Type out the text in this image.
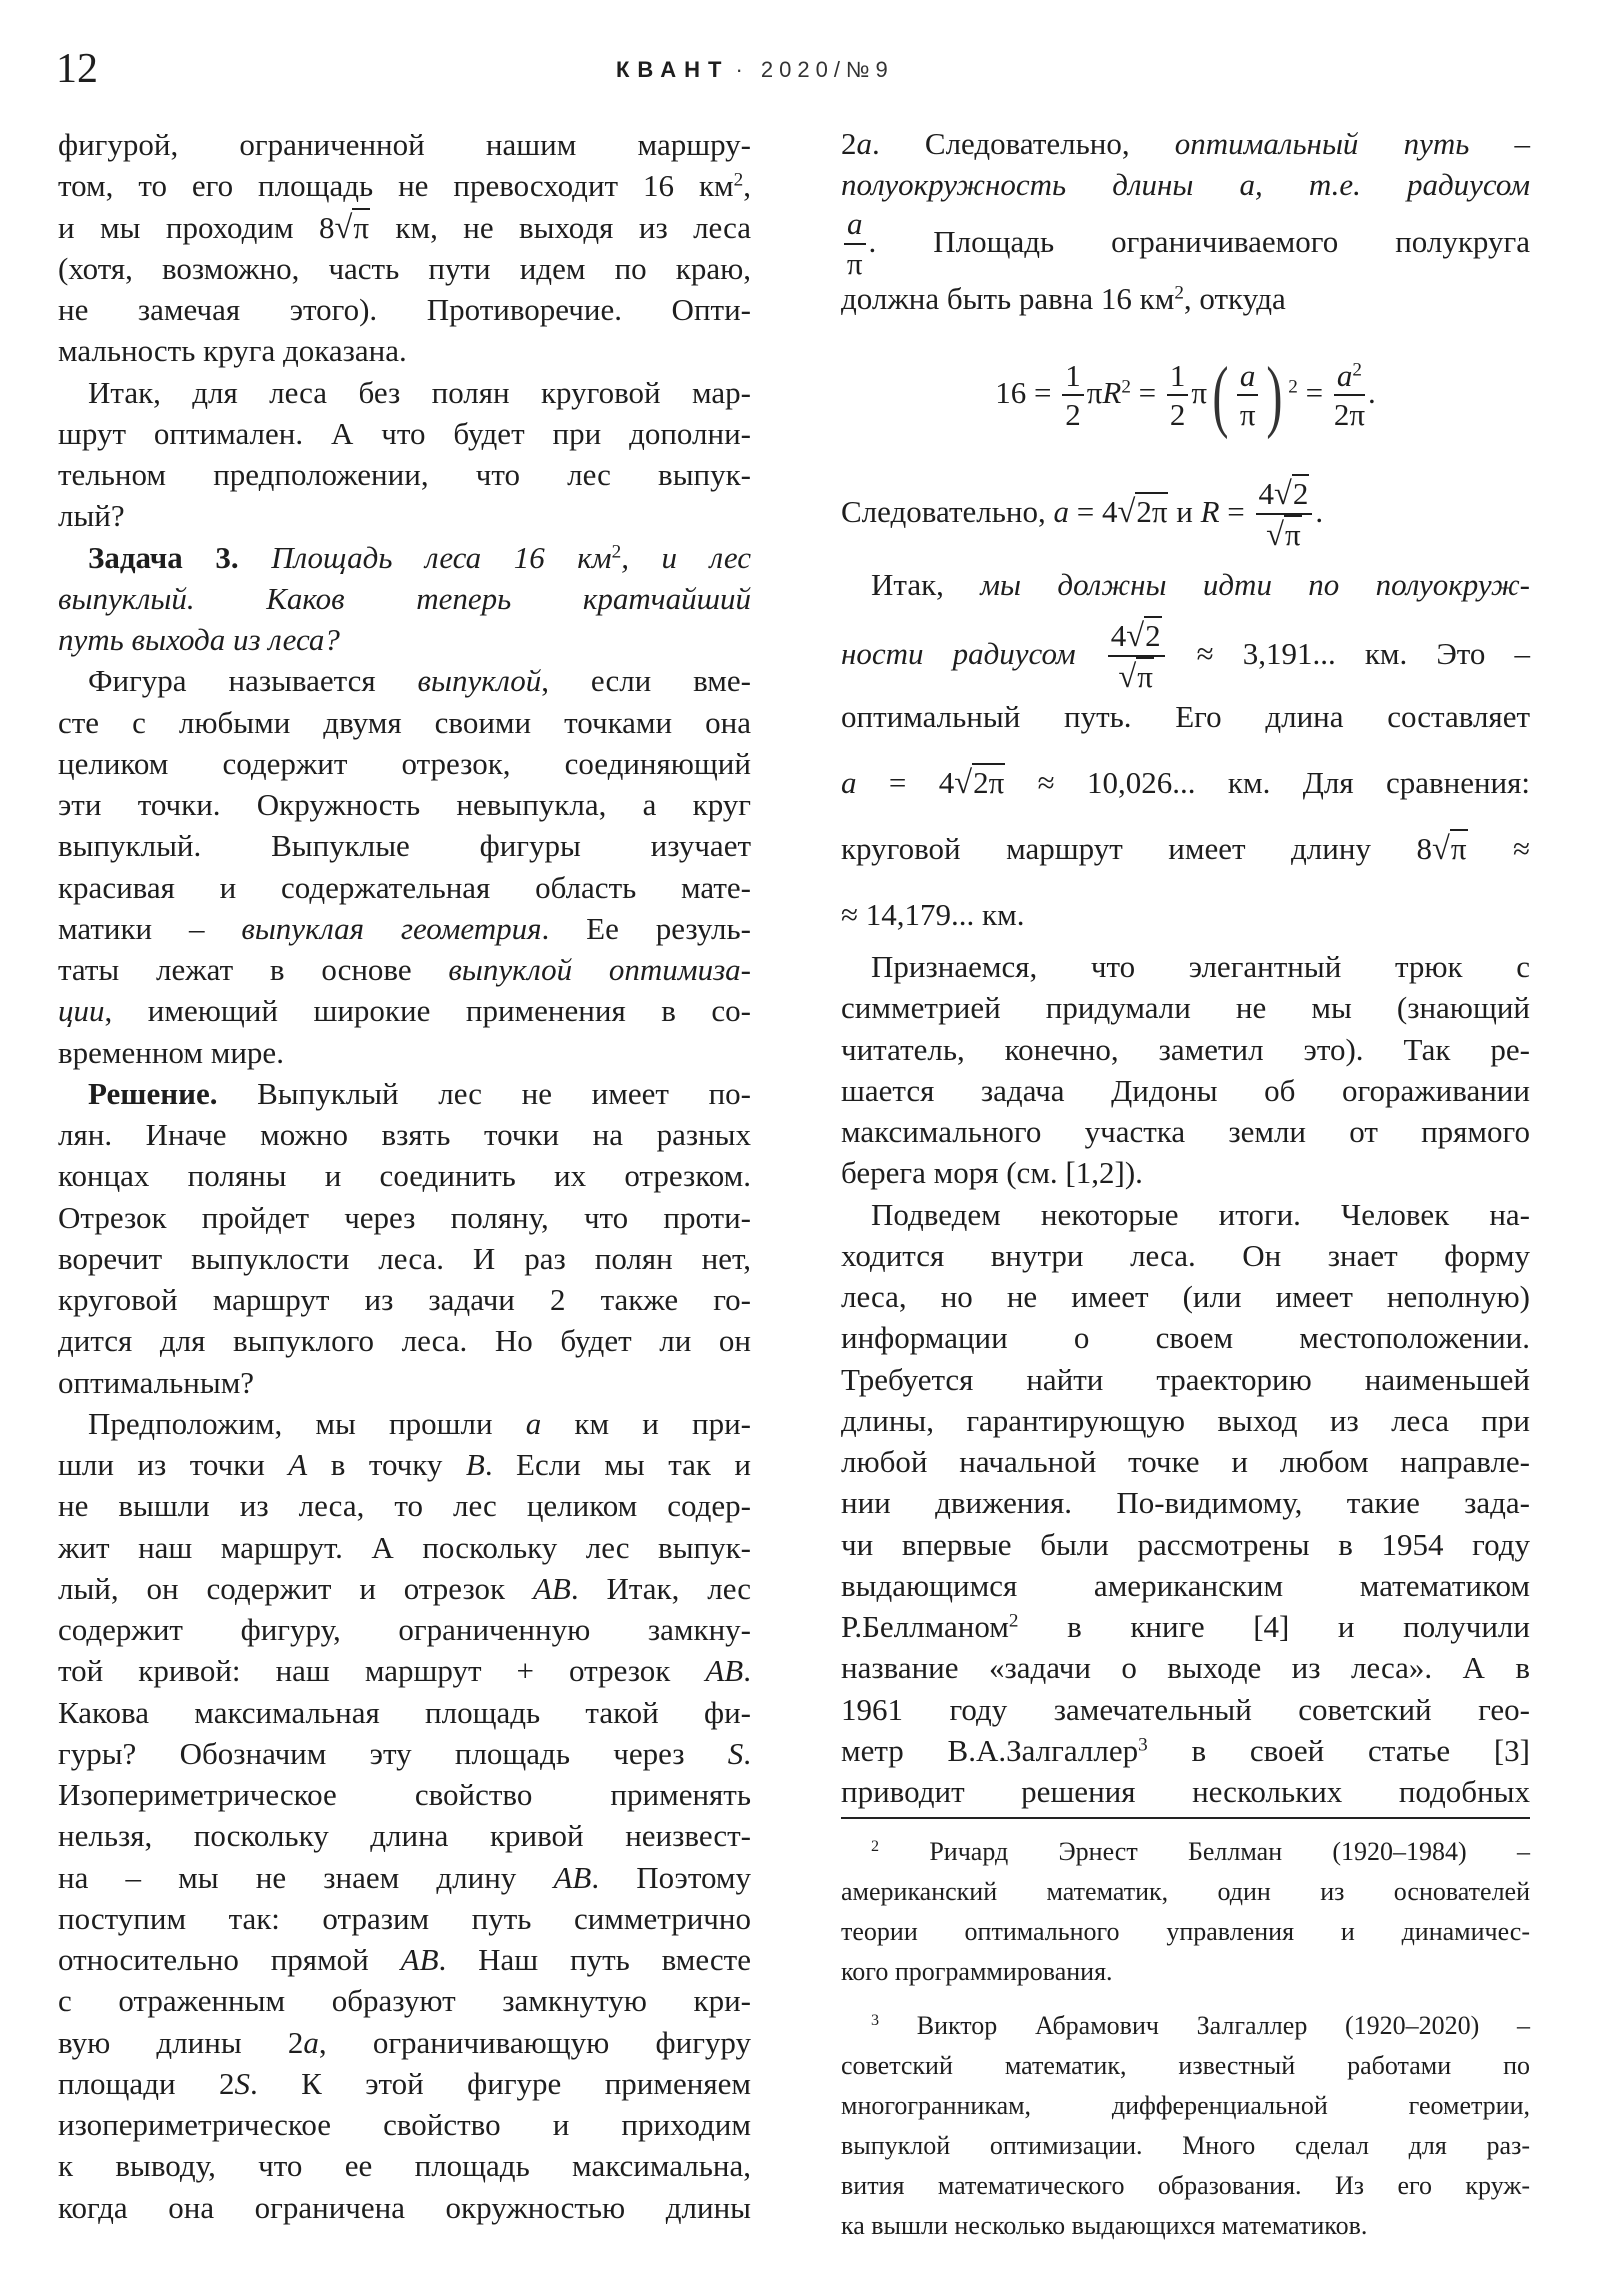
12	КВАНТ · 2020/№9
фигурой, ограниченной нашим маршру-
том, то его площадь не превосходит 16 $км^2$,
и мы проходим 8√π км, не выходя из леса
(хотя, возможно, часть пути идем по краю,
не замечая этого). Противоречие. Опти-
мальность круга доказана.
Итак, для леса без полян круговой мар-
шрут оптимален. А что будет при дополни-
тельном предположении, что лес выпук-
лый?
Задача 3. Площадь леса 16 $км^2$, и лес
выпуклый. Каков теперь кратчайший
путь выхода из леса?
Фигура называется выпуклой, если вме-
сте с любыми двумя своими точками она
целиком содержит отрезок, соединяющий
эти точки. Окружность невыпукла, а круг
выпуклый. Выпуклые фигуры изучает
красивая и содержательная область мате-
матики – выпуклая геометрия. Ее резуль-
таты лежат в основе выпуклой оптимиза-
ции, имеющий широкие применения в со-
временном мире.
Решение. Выпуклый лес не имеет по-
лян. Иначе можно взять точки на разных
концах поляны и соединить их отрезком.
Отрезок пройдет через поляну, что проти-
воречит выпуклости леса. И раз полян нет,
круговой маршрут из задачи 2 также го-
дится для выпуклого леса. Но будет ли он
оптимальным?
Предположим, мы прошли a км и при-
шли из точки A в точку B. Если мы так и
не вышли из леса, то лес целиком содер-
жит наш маршрут. А поскольку лес выпук-
лый, он содержит и отрезок AB. Итак, лес
содержит фигуру, ограниченную замкну-
той кривой: наш маршрут + отрезок AB.
Какова максимальная площадь такой фи-
гуры? Обозначим эту площадь через S.
Изопериметрическое свойство применять
нельзя, поскольку длина кривой неизвест-
на – мы не знаем длину AB. Поэтому
поступим так: отразим путь симметрично
относительно прямой AB. Наш путь вместе
с отраженным образуют замкнутую кри-
вую длины 2a, ограничивающую фигуру
площади 2S. К этой фигуре применяем
изопериметрическое свойство и приходим
к выводу, что ее площадь максимальна,
когда она ограничена окружностью длины
2a. Следовательно, оптимальный путь –
полуокружность длины a, т.е. радиусом
$\frac{a}{\pi}$ . Площадь ограничиваемого полукруга
должна быть равна 16 $км^2$, откуда
$16 = \frac{1}{2} \pi R^2 = \frac{1}{2}$ π ( $\frac{a}{\pi}$ ) $^2 = \frac{a^2}{2\pi}$ .
Следовательно, a = 4√2π и $R = \frac{4√2}{√\pi}$ .
Итак, мы должны идти по полуокруж-
ности радиусом $\frac{4√2}{√\pi} \approx 3,191$... км. Это –
оптимальный путь. Его длина составляет
a = 4√2π ≈ 10,026... км. Для сравнения:
круговой маршрут имеет длину 8√π ≈
≈ 14,179... км.
Признаемся, что элегантный трюк с
симметрией придумали не мы (знающий
читатель, конечно, заметил это). Так ре-
шается задача Дидоны об огораживании
максимального участка земли от прямого
берега моря (см. [1,2]).
Подведем некоторые итоги. Человек на-
ходится внутри леса. Он знает форму
леса, но не имеет (или имеет неполную)
информации о своем местоположении.
Требуется найти траекторию наименьшей
длины, гарантирующую выход из леса при
любой начальной точке и любом направле-
нии движения. По-видимому, такие зада-
чи впервые были рассмотрены в 1954 году
выдающимся американским математиком
Р.Беллманом$^2$ в книге [4] и получили
название «задачи о выходе из леса». А в
1961 году замечательный советский гео-
метр В.А.Залгаллер$^3$ в своей статье [3]
приводит решения нескольких подобных
$^2$ Ричард Эрнест Беллман (1920–1984) –
американский математик, один из основателей
теории оптимального управления и динамичес-
кого программирования.
$^3$ Виктор Абрамович Залгаллер (1920–2020) –
советский математик, известный работами по
многогранникам, дифференциальной геометрии,
выпуклой оптимизации. Много сделал для раз-
вития математического образования. Из его круж-
ка вышли несколько выдающихся математиков.
